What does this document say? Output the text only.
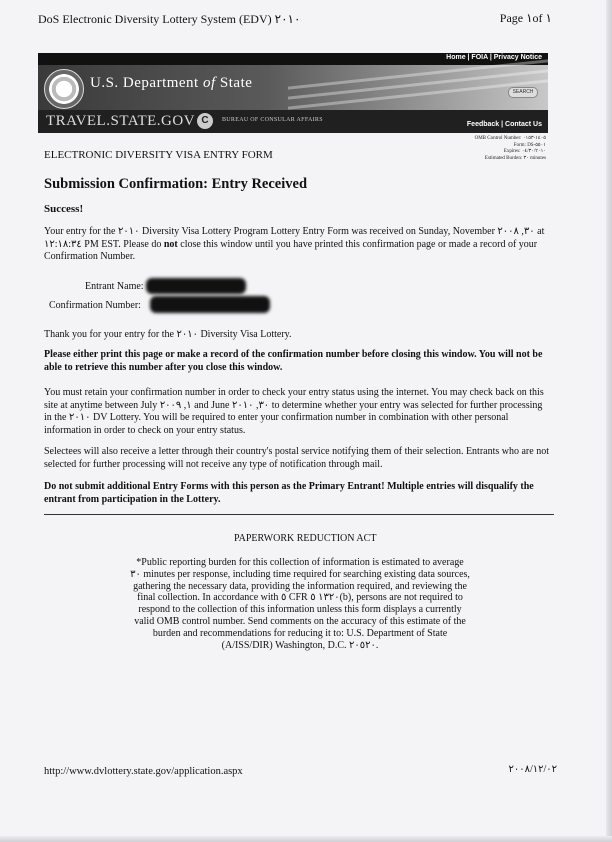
DoS Electronic Diversity Lottery System (EDV) ٢٠١٠	Page ١of ١
Home | FOIA | Privacy Notice
U.S. Department of State
SEARCH
TRAVEL.STATE.GOV C	BUREAU OF CONSULAR AFFAIRS
Feedback | Contact Us
ELECTRONIC DIVERSITY VISA ENTRY FORM
OMB Control Number: ١٤٠٥-٠١٥٣
Form: DS-٥٥٠١
Expires: ٠٤/٣٠/٢٠١٠
Estimated Burden: ٣٠ minutes
Submission Confirmation: Entry Received
Success!

Your entry for the ٢٠١٠ Diversity Visa Lottery Program Lottery Entry Form was received on Sunday, November ٣٠, ٢٠٠٨ at ١٢:١٨:٣٤ PM EST. Please do not close this window until you have printed this confirmation page or made a record of your Confirmation Number.

Entrant Name:
Confirmation Number:

Thank you for your entry for the ٢٠١٠ Diversity Visa Lottery.

Please either print this page or make a record of the confirmation number before closing this window. You will not be able to retrieve this number after you close this window.

You must retain your confirmation number in order to check your entry status using the internet. You may check back on this site at anytime between July ١, ٢٠٠٩ and June ٣٠, ٢٠١٠ to determine whether your entry was selected for further processing in the ٢٠١٠ DV Lottery. You will be required to enter your confirmation number in combination with other personal information in order to check on your entry status.

Selectees will also receive a letter through their country's postal service notifying them of their selection. Entrants who are not selected for further processing will not receive any type of notification through mail.

Do not submit additional Entry Forms with this person as the Primary Entrant! Multiple entries will disqualify the entrant from participation in the Lottery.

PAPERWORK REDUCTION ACT

*Public reporting burden for this collection of information is estimated to average ٣٠ minutes per response, including time required for searching existing data sources, gathering the necessary data, providing the information required, and reviewing the final collection. In accordance with ٥ CFR ١٣٢٠ ٥(b), persons are not required to respond to the collection of this information unless this form displays a currently valid OMB control number. Send comments on the accuracy of this estimate of the burden and recommendations for reducing it to: U.S. Department of State (A/ISS/DIR) Washington, D.C. ٢٠٥٢٠.

http://www.dvlottery.state.gov/application.aspx	٢٠٠٨/١٢/٠٢
